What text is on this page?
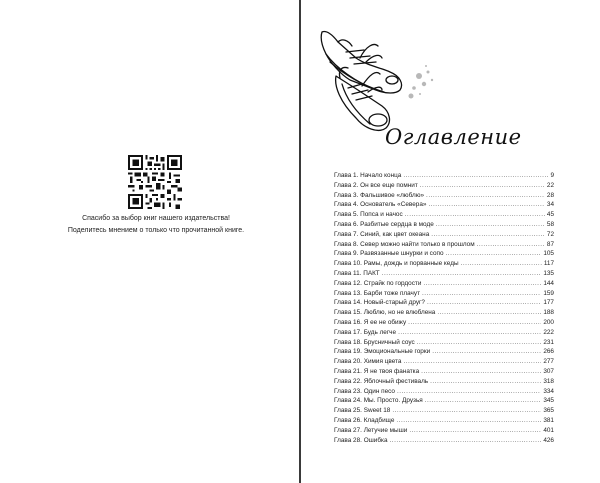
Спасибо за выбор книг нашего издательства!
Поделитесь мнением о только что прочитанной книге.
Оглавление
Глава 1. Начало конца .....	9
Глава 2. Он все еще помнит .....	22
Глава 3. Фальшивое «люблю» .....	28
Глава 4. Основатель «Севера» .....	34
Глава 5. Попса и начос .....	45
Глава 6. Разбитые сердца в моде .....	58
Глава 7. Синий, как цвет океана .....	72
Глава 8. Север можно найти только в прошлом .....	87
Глава 9. Развязанные шнурки и сопо .....	105
Глава 10. Рамы, дождь и порванные кеды .....	117
Глава 11. ПАКТ .....	135
Глава 12. Страйк по гордости .....	144
Глава 13. Барби тоже плачут .....	159
Глава 14. Новый-старый друг? .....	177
Глава 15. Люблю, но не влюблена .....	188
Глава 16. Я ее не обижу .....	200
Глава 17. Будь легче .....	222
Глава 18. Брусничный соус .....	231
Глава 19. Эмоциональные горки .....	266
Глава 20. Химия цвета .....	277
Глава 21. Я не твоя фанатка .....	307
Глава 22. Яблочный фестиваль .....	318
Глава 23. Один песо .....	334
Глава 24. Мы. Просто. Друзья .....	345
Глава 25. Sweet 18 .....	365
Глава 26. Кладбище .....	381
Глава 27. Летучие мыши .....	401
Глава 28. Ошибка .....	426
